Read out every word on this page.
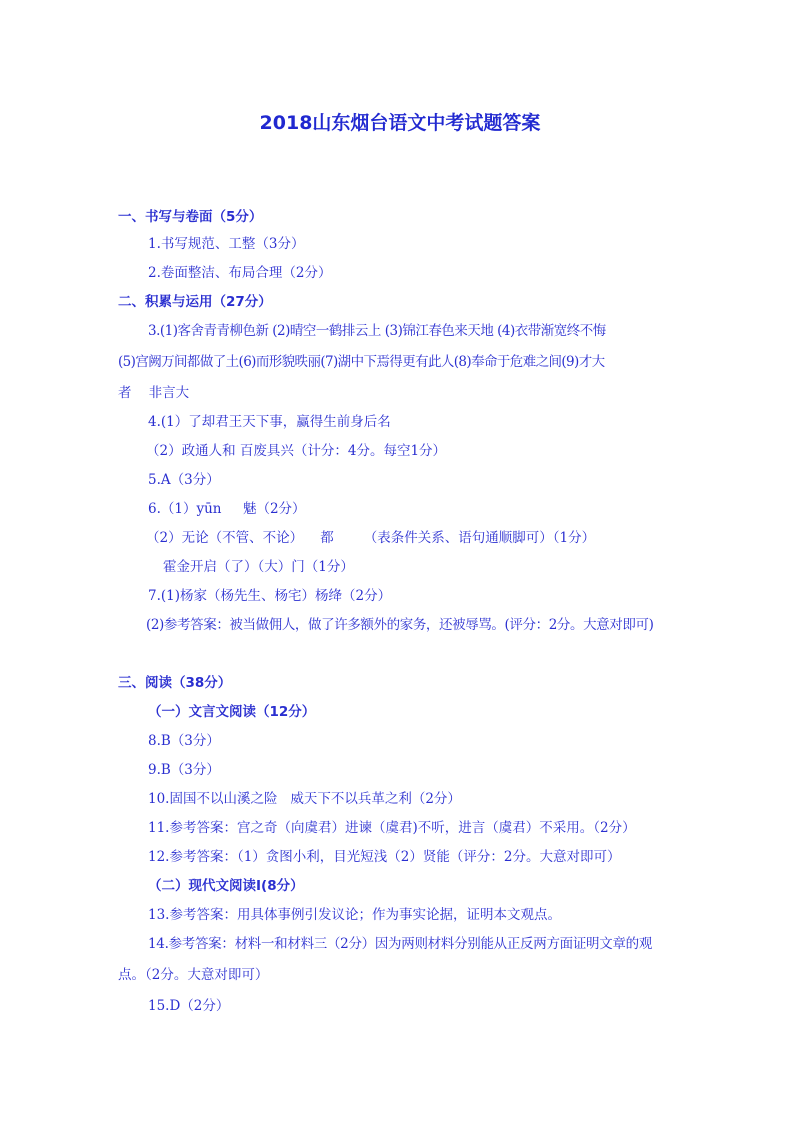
2018山东烟台语文中考试题答案
一、书写与卷面（5分）
1.书写规范、工整（3分）
2.卷面整洁、布局合理（2分）
二、积累与运用（27分）
3.(1)客舍青青柳色新 (2)晴空一鹤排云上 (3)锦江春色来天地 (4)衣带渐宽终不悔
(5)宫阙万间都做了土(6)而形貌昳丽(7)湖中下焉得更有此人(8)奉命于危难之间(9)才大
者    非言大
4.(1）了却君王天下事，赢得生前身后名
（2）政通人和 百废具兴（计分：4分。每空1分）
5.A（3分）
6.（1）yūn     魅（2分）
（2）无论（不管、不论）    都       （表条件关系、语句通顺脚可）（1分）
霍金开启（了）（大）门（1分）
7.(1)杨家（杨先生、杨宅）杨绛（2分）
(2)参考答案：被当做佣人，做了许多额外的家务，还被辱骂。(评分：2分。大意对即可)
三、阅读（38分）
（一）文言文阅读（12分）
8.B（3分）
9.B（3分）
10.固国不以山溪之险   威天下不以兵革之利（2分）
11.参考答案：宫之奇（向虞君）进谏（虞君)不听，进言（虞君）不采用。（2分）
12.参考答案：（1）贪图小利，目光短浅（2）贤能（评分：2分。大意对即可）
（二）现代文阅读Ⅰ(8分）
13.参考答案：用具体事例引发议论；作为事实论据，证明本文观点。
14.参考答案：材料一和材料三（2分）因为两则材料分别能从正反两方面证明文章的观
点。（2分。大意对即可）
15.D（2分）
